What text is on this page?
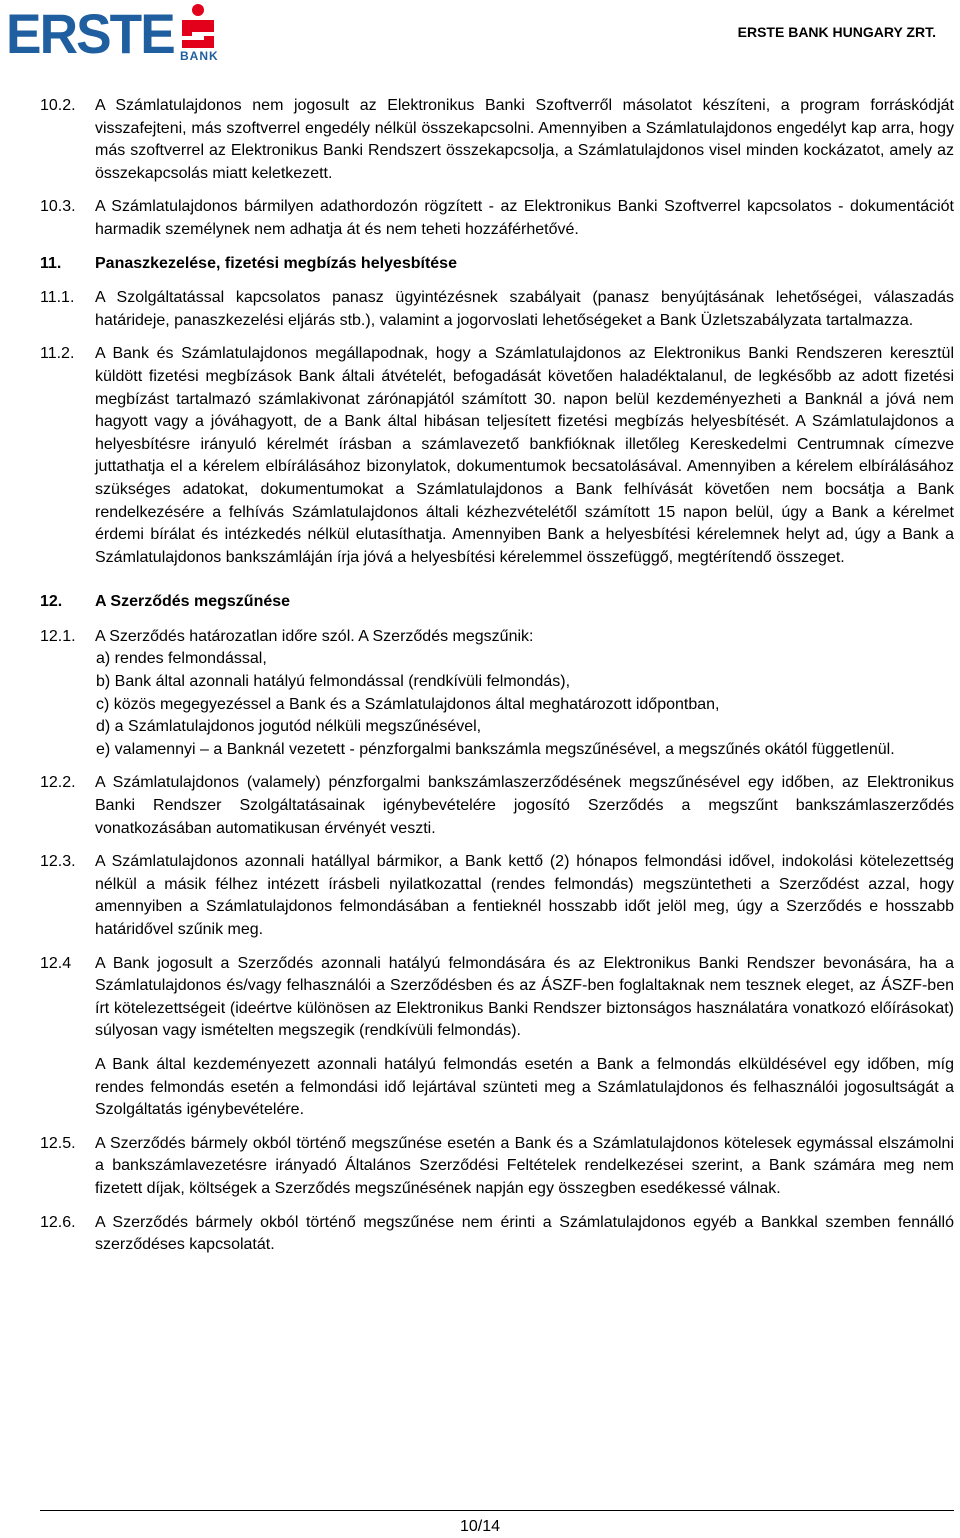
ERSTE BANK
ERSTE BANK HUNGARY ZRT.
10.2.	A Számlatulajdonos nem jogosult az Elektronikus Banki Szoftverről másolatot készíteni, a program forráskódját visszafejteni, más szoftverrel engedély nélkül összekapcsolni. Amennyiben a Számlatulajdonos engedélyt kap arra, hogy más szoftverrel az Elektronikus Banki Rendszert összekapcsolja, a Számlatulajdonos visel minden kockázatot, amely az összekapcsolás miatt keletkezett.
10.3.	A Számlatulajdonos bármilyen adathordozón rögzített - az Elektronikus Banki Szoftverrel kapcsolatos - dokumentációt harmadik személynek nem adhatja át és nem teheti hozzáférhetővé.
11.	Panaszkezelése, fizetési megbízás helyesbítése
11.1.	A Szolgáltatással kapcsolatos panasz ügyintézésnek szabályait (panasz benyújtásának lehetőségei, válaszadás határideje, panaszkezelési eljárás stb.), valamint a jogorvoslati lehetőségeket a Bank Üzletszabályzata tartalmazza.
11.2.	A Bank és Számlatulajdonos megállapodnak, hogy a Számlatulajdonos az Elektronikus Banki Rendszeren keresztül küldött fizetési megbízások Bank általi átvételét, befogadását követően haladéktalanul, de legkésőbb az adott fizetési megbízást tartalmazó számlakivonat zárónapjától számított 30. napon belül kezdeményezheti a Banknál a jóvá nem hagyott vagy a jóváhagyott, de a Bank által hibásan teljesített fizetési megbízás helyesbítését. A Számlatulajdonos a helyesbítésre irányuló kérelmét írásban a számlavezető bankfióknak illetőleg Kereskedelmi Centrumnak címezve juttathatja el a kérelem elbírálásához bizonylatok, dokumentumok becsatolásával. Amennyiben a kérelem elbírálásához szükséges adatokat, dokumentumokat a Számlatulajdonos a Bank felhívását követően nem bocsátja a Bank rendelkezésére a felhívás Számlatulajdonos általi kézhezvételétől számított 15 napon belül, úgy a Bank a kérelmet érdemi bírálat és intézkedés nélkül elutasíthatja. Amennyiben Bank a helyesbítési kérelemnek helyt ad, úgy a Bank a Számlatulajdonos bankszámláján írja jóvá a helyesbítési kérelemmel összefüggő, megtérítendő összeget.
12.	A Szerződés megszűnése
12.1.	A Szerződés határozatlan időre szól. A Szerződés megszűnik:
a) rendes felmondással,
b) Bank által azonnali hatályú felmondással (rendkívüli felmondás),
c) közös megegyezéssel a Bank és a Számlatulajdonos által meghatározott időpontban,
d) a Számlatulajdonos jogutód nélküli megszűnésével,
e) valamennyi – a Banknál vezetett - pénzforgalmi bankszámla megszűnésével, a megszűnés okától függetlenül.
12.2.	A Számlatulajdonos (valamely) pénzforgalmi bankszámlaszerződésének megszűnésével egy időben, az Elektronikus Banki Rendszer Szolgáltatásainak igénybevételére jogosító Szerződés a megszűnt bankszámlaszerződés vonatkozásában automatikusan érvényét veszti.
12.3.	A Számlatulajdonos azonnali hatállyal bármikor, a Bank kettő (2) hónapos felmondási idővel, indokolási kötelezettség nélkül a másik félhez intézett írásbeli nyilatkozattal (rendes felmondás) megszüntetheti a Szerződést azzal, hogy amennyiben a Számlatulajdonos felmondásában a fentieknél hosszabb időt jelöl meg, úgy a Szerződés e hosszabb határidővel szűnik meg.
12.4	A Bank jogosult a Szerződés azonnali hatályú felmondására és az Elektronikus Banki Rendszer bevonására, ha a Számlatulajdonos és/vagy felhasználói a Szerződésben és az ÁSZF-ben foglaltaknak nem tesznek eleget, az ÁSZF-ben írt kötelezettségeit (ideértve különösen az Elektronikus Banki Rendszer biztonságos használatára vonatkozó előírásokat) súlyosan vagy ismételten megszegik (rendkívüli felmondás).
A Bank által kezdeményezett azonnali hatályú felmondás esetén a Bank a felmondás elküldésével egy időben, míg rendes felmondás esetén a felmondási idő lejártával szünteti meg a Számlatulajdonos és felhasználói jogosultságát a Szolgáltatás igénybevételére.
12.5.	A Szerződés bármely okból történő megszűnése esetén a Bank és a Számlatulajdonos kötelesek egymással elszámolni a bankszámlavezetésre irányadó Általános Szerződési Feltételek rendelkezései szerint, a Bank számára meg nem fizetett díjak, költségek a Szerződés megszűnésének napján egy összegben esedékessé válnak.
12.6.	A Szerződés bármely okból történő megszűnése nem érinti a Számlatulajdonos egyéb a Bankkal szemben fennálló szerződéses kapcsolatát.
10/14
